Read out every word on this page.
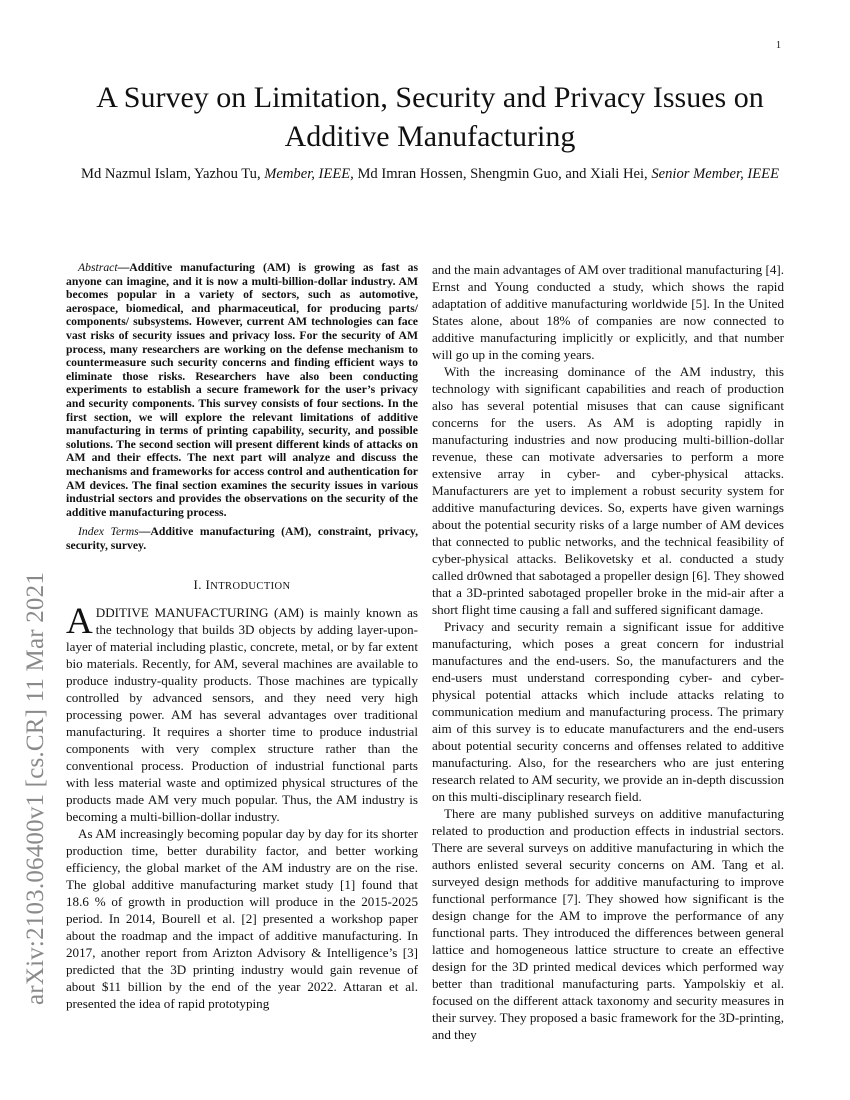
1
arXiv:2103.06400v1 [cs.CR] 11 Mar 2021
A Survey on Limitation, Security and Privacy Issues on Additive Manufacturing
Md Nazmul Islam, Yazhou Tu, Member, IEEE, Md Imran Hossen, Shengmin Guo, and Xiali Hei, Senior Member, IEEE

Abstract—Additive manufacturing (AM) is growing as fast as anyone can imagine, and it is now a multi-billion-dollar industry. AM becomes popular in a variety of sectors, such as automotive, aerospace, biomedical, and pharmaceutical, for producing parts/ components/ subsystems. However, current AM technologies can face vast risks of security issues and privacy loss. For the security of AM process, many researchers are working on the defense mechanism to countermeasure such security concerns and finding efficient ways to eliminate those risks. Researchers have also been conducting experiments to establish a secure framework for the user’s privacy and security components. This survey consists of four sections. In the first section, we will explore the relevant limitations of additive manufacturing in terms of printing capability, security, and possible solutions. The second section will present different kinds of attacks on AM and their effects. The next part will analyze and discuss the mechanisms and frameworks for access control and authentication for AM devices. The final section examines the security issues in various industrial sectors and provides the observations on the security of the additive manufacturing process.

Index Terms—Additive manufacturing (AM), constraint, privacy, security, survey.

I. INTRODUCTION

ADDITIVE MANUFACTURING (AM) is mainly known as the technology that builds 3D objects by adding layer-upon-layer of material including plastic, concrete, metal, or by far extent bio materials. Recently, for AM, several machines are available to produce industry-quality products. Those machines are typically controlled by advanced sensors, and they need very high processing power. AM has several advantages over traditional manufacturing. It requires a shorter time to produce industrial components with very complex structure rather than the conventional process. Production of industrial functional parts with less material waste and optimized physical structures of the products made AM very much popular. Thus, the AM industry is becoming a multi-billion-dollar industry.

As AM increasingly becoming popular day by day for its shorter production time, better durability factor, and better working efficiency, the global market of the AM industry are on the rise. The global additive manufacturing market study [1] found that 18.6 % of growth in production will produce in the 2015-2025 period. In 2014, Bourell et al. [2] presented a workshop paper about the roadmap and the impact of additive manufacturing. In 2017, another report from Arizton Advisory & Intelligence’s [3] predicted that the 3D printing industry would gain revenue of about $11 billion by the end of the year 2022. Attaran et al. presented the idea of rapid prototyping

and the main advantages of AM over traditional manufacturing [4]. Ernst and Young conducted a study, which shows the rapid adaptation of additive manufacturing worldwide [5]. In the United States alone, about 18% of companies are now connected to additive manufacturing implicitly or explicitly, and that number will go up in the coming years.

With the increasing dominance of the AM industry, this technology with significant capabilities and reach of production also has several potential misuses that can cause significant concerns for the users. As AM is adopting rapidly in manufacturing industries and now producing multi-billion-dollar revenue, these can motivate adversaries to perform a more extensive array in cyber- and cyber-physical attacks. Manufacturers are yet to implement a robust security system for additive manufacturing devices. So, experts have given warnings about the potential security risks of a large number of AM devices that connected to public networks, and the technical feasibility of cyber-physical attacks. Belikovetsky et al. conducted a study called dr0wned that sabotaged a propeller design [6]. They showed that a 3D-printed sabotaged propeller broke in the mid-air after a short flight time causing a fall and suffered significant damage.

Privacy and security remain a significant issue for additive manufacturing, which poses a great concern for industrial manufactures and the end-users. So, the manufacturers and the end-users must understand corresponding cyber- and cyber-physical potential attacks which include attacks relating to communication medium and manufacturing process. The primary aim of this survey is to educate manufacturers and the end-users about potential security concerns and offenses related to additive manufacturing. Also, for the researchers who are just entering research related to AM security, we provide an in-depth discussion on this multi-disciplinary research field.

There are many published surveys on additive manufacturing related to production and production effects in industrial sectors. There are several surveys on additive manufacturing in which the authors enlisted several security concerns on AM. Tang et al. surveyed design methods for additive manufacturing to improve functional performance [7]. They showed how significant is the design change for the AM to improve the performance of any functional parts. They introduced the differences between general lattice and homogeneous lattice structure to create an effective design for the 3D printed medical devices which performed way better than traditional manufacturing parts. Yampolskiy et al. focused on the different attack taxonomy and security measures in their survey. They proposed a basic framework for the 3D-printing, and they
